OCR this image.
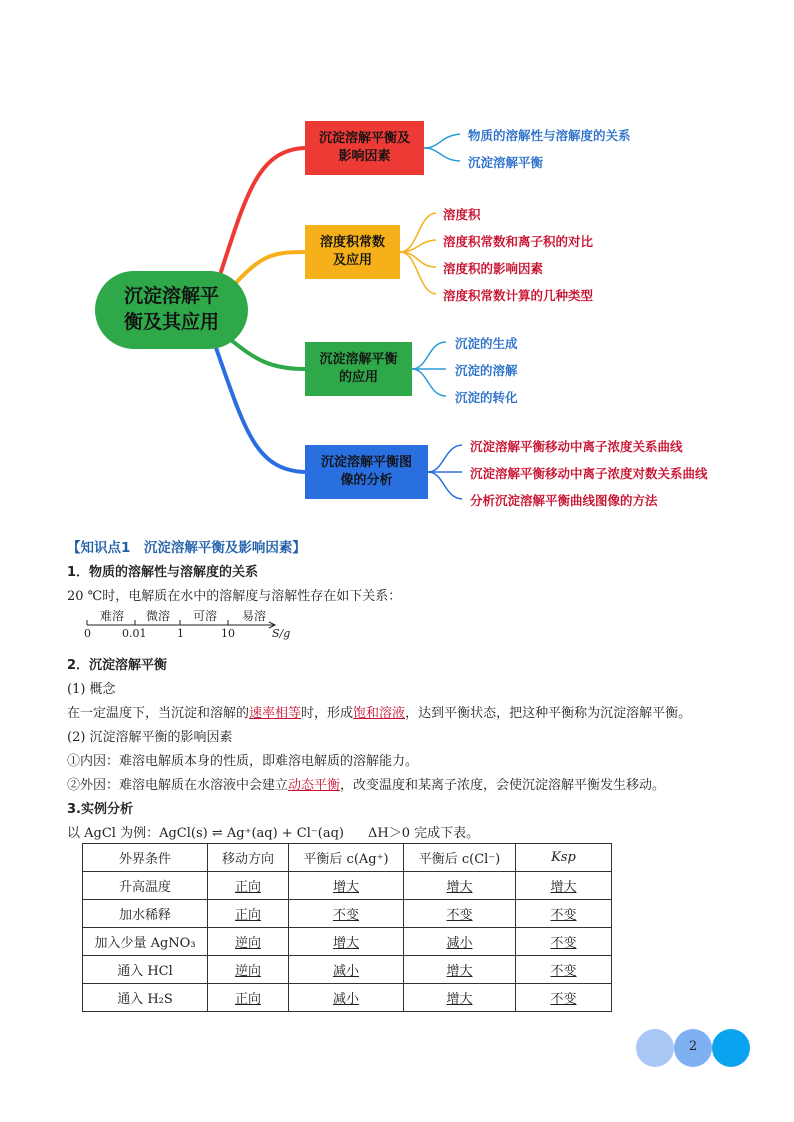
沉淀溶解平衡及其应用
沉淀溶解平衡及影响因素
溶度积常数及应用
沉淀溶解平衡的应用
沉淀溶解平衡图像的分析
物质的溶解性与溶解度的关系
沉淀溶解平衡
溶度积
溶度积常数和离子积的对比
溶度积的影响因素
溶度积常数计算的几种类型
沉淀的生成
沉淀的溶解
沉淀的转化
沉淀溶解平衡移动中离子浓度关系曲线
沉淀溶解平衡移动中离子浓度对数关系曲线
分析沉淀溶解平衡曲线图像的方法
【知识点1　沉淀溶解平衡及影响因素】
1．物质的溶解性与溶解度的关系
20 ℃时，电解质在水中的溶解度与溶解性存在如下关系：
难溶 微溶 可溶 易溶
0	0.01	1	10	S/g
2．沉淀溶解平衡
(1) 概念
在一定温度下，当沉淀和溶解的速率相等时，形成饱和溶液，达到平衡状态，把这种平衡称为沉淀溶解平衡。
(2) 沉淀溶解平衡的影响因素
①内因：难溶电解质本身的性质，即难溶电解质的溶解能力。
②外因：难溶电解质在水溶液中会建立动态平衡，改变温度和某离子浓度，会使沉淀溶解平衡发生移动。
3.实例分析
以 AgCl 为例：AgCl(s) ⇌ Ag⁺(aq) + Cl⁻(aq) ΔH＞0 完成下表。
外界条件	移动方向	平衡后 c(Ag⁺)	平衡后 c(Cl⁻)	Ksp
升高温度	正向	增大	增大	增大
加水稀释	正向	不变	不变	不变
加入少量 AgNO₃	逆向	增大	减小	不变
通入 HCl	逆向	减小	增大	不变
通入 H₂S	正向	减小	增大	不变
2
